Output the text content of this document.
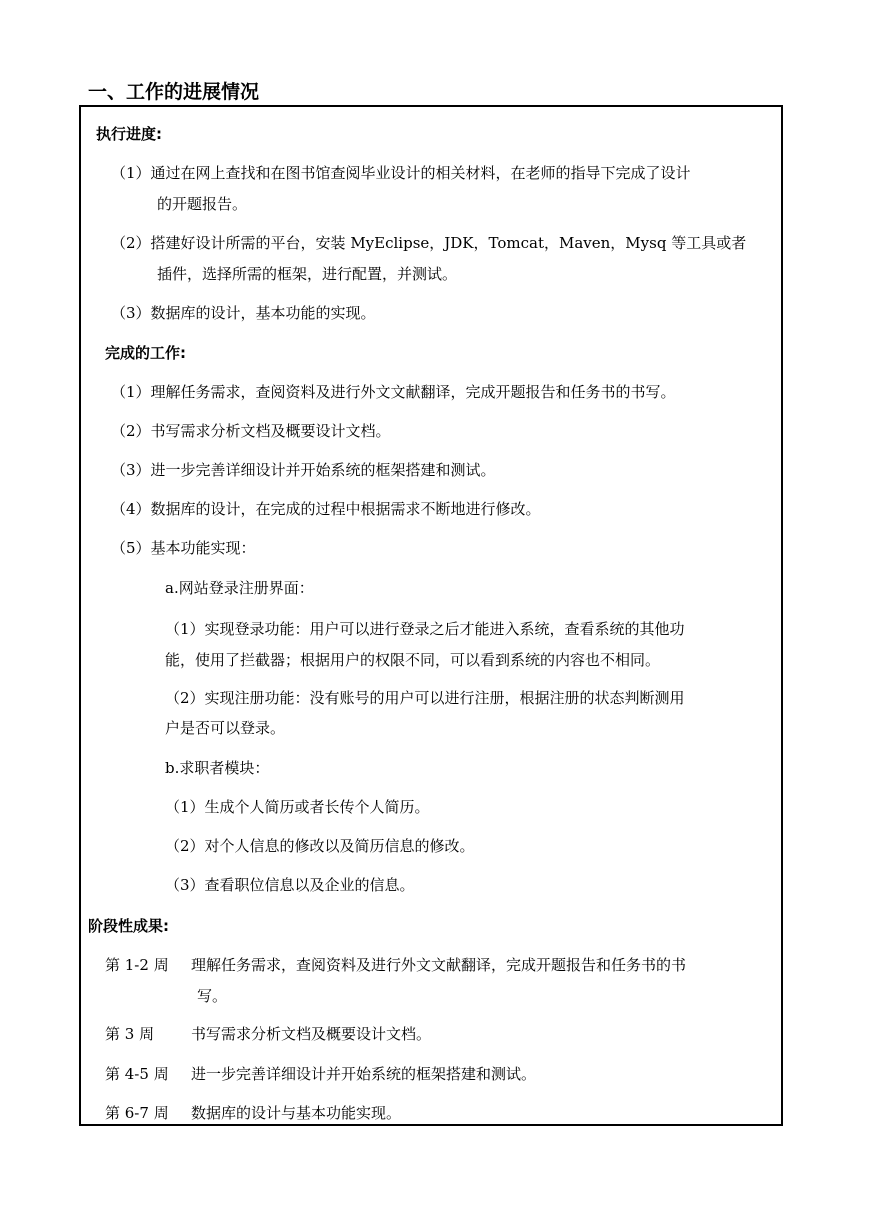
一、工作的进展情况
执行进度:
（1）通过在网上查找和在图书馆查阅毕业设计的相关材料，在老师的指导下完成了设计
的开题报告。
（2）搭建好设计所需的平台，安装 MyEclipse，JDK，Tomcat，Maven，Mysq 等工具或者
插件，选择所需的框架，进行配置，并测试。
（3）数据库的设计，基本功能的实现。
完成的工作:
（1）理解任务需求，查阅资料及进行外文文献翻译，完成开题报告和任务书的书写。
（2）书写需求分析文档及概要设计文档。
（3）进一步完善详细设计并开始系统的框架搭建和测试。
（4）数据库的设计，在完成的过程中根据需求不断地进行修改。
（5）基本功能实现：
a.网站登录注册界面：
（1）实现登录功能：用户可以进行登录之后才能进入系统，查看系统的其他功
能，使用了拦截器；根据用户的权限不同，可以看到系统的内容也不相同。
（2）实现注册功能：没有账号的用户可以进行注册，根据注册的状态判断测用
户是否可以登录。
b.求职者模块：
（1）生成个人简历或者长传个人简历。
（2）对个人信息的修改以及简历信息的修改。
（3）查看职位信息以及企业的信息。
阶段性成果:
第 1-2 周 理解任务需求，查阅资料及进行外文文献翻译，完成开题报告和任务书的书
写。
第 3 周 书写需求分析文档及概要设计文档。
第 4-5 周 进一步完善详细设计并开始系统的框架搭建和测试。
第 6-7 周 数据库的设计与基本功能实现。
